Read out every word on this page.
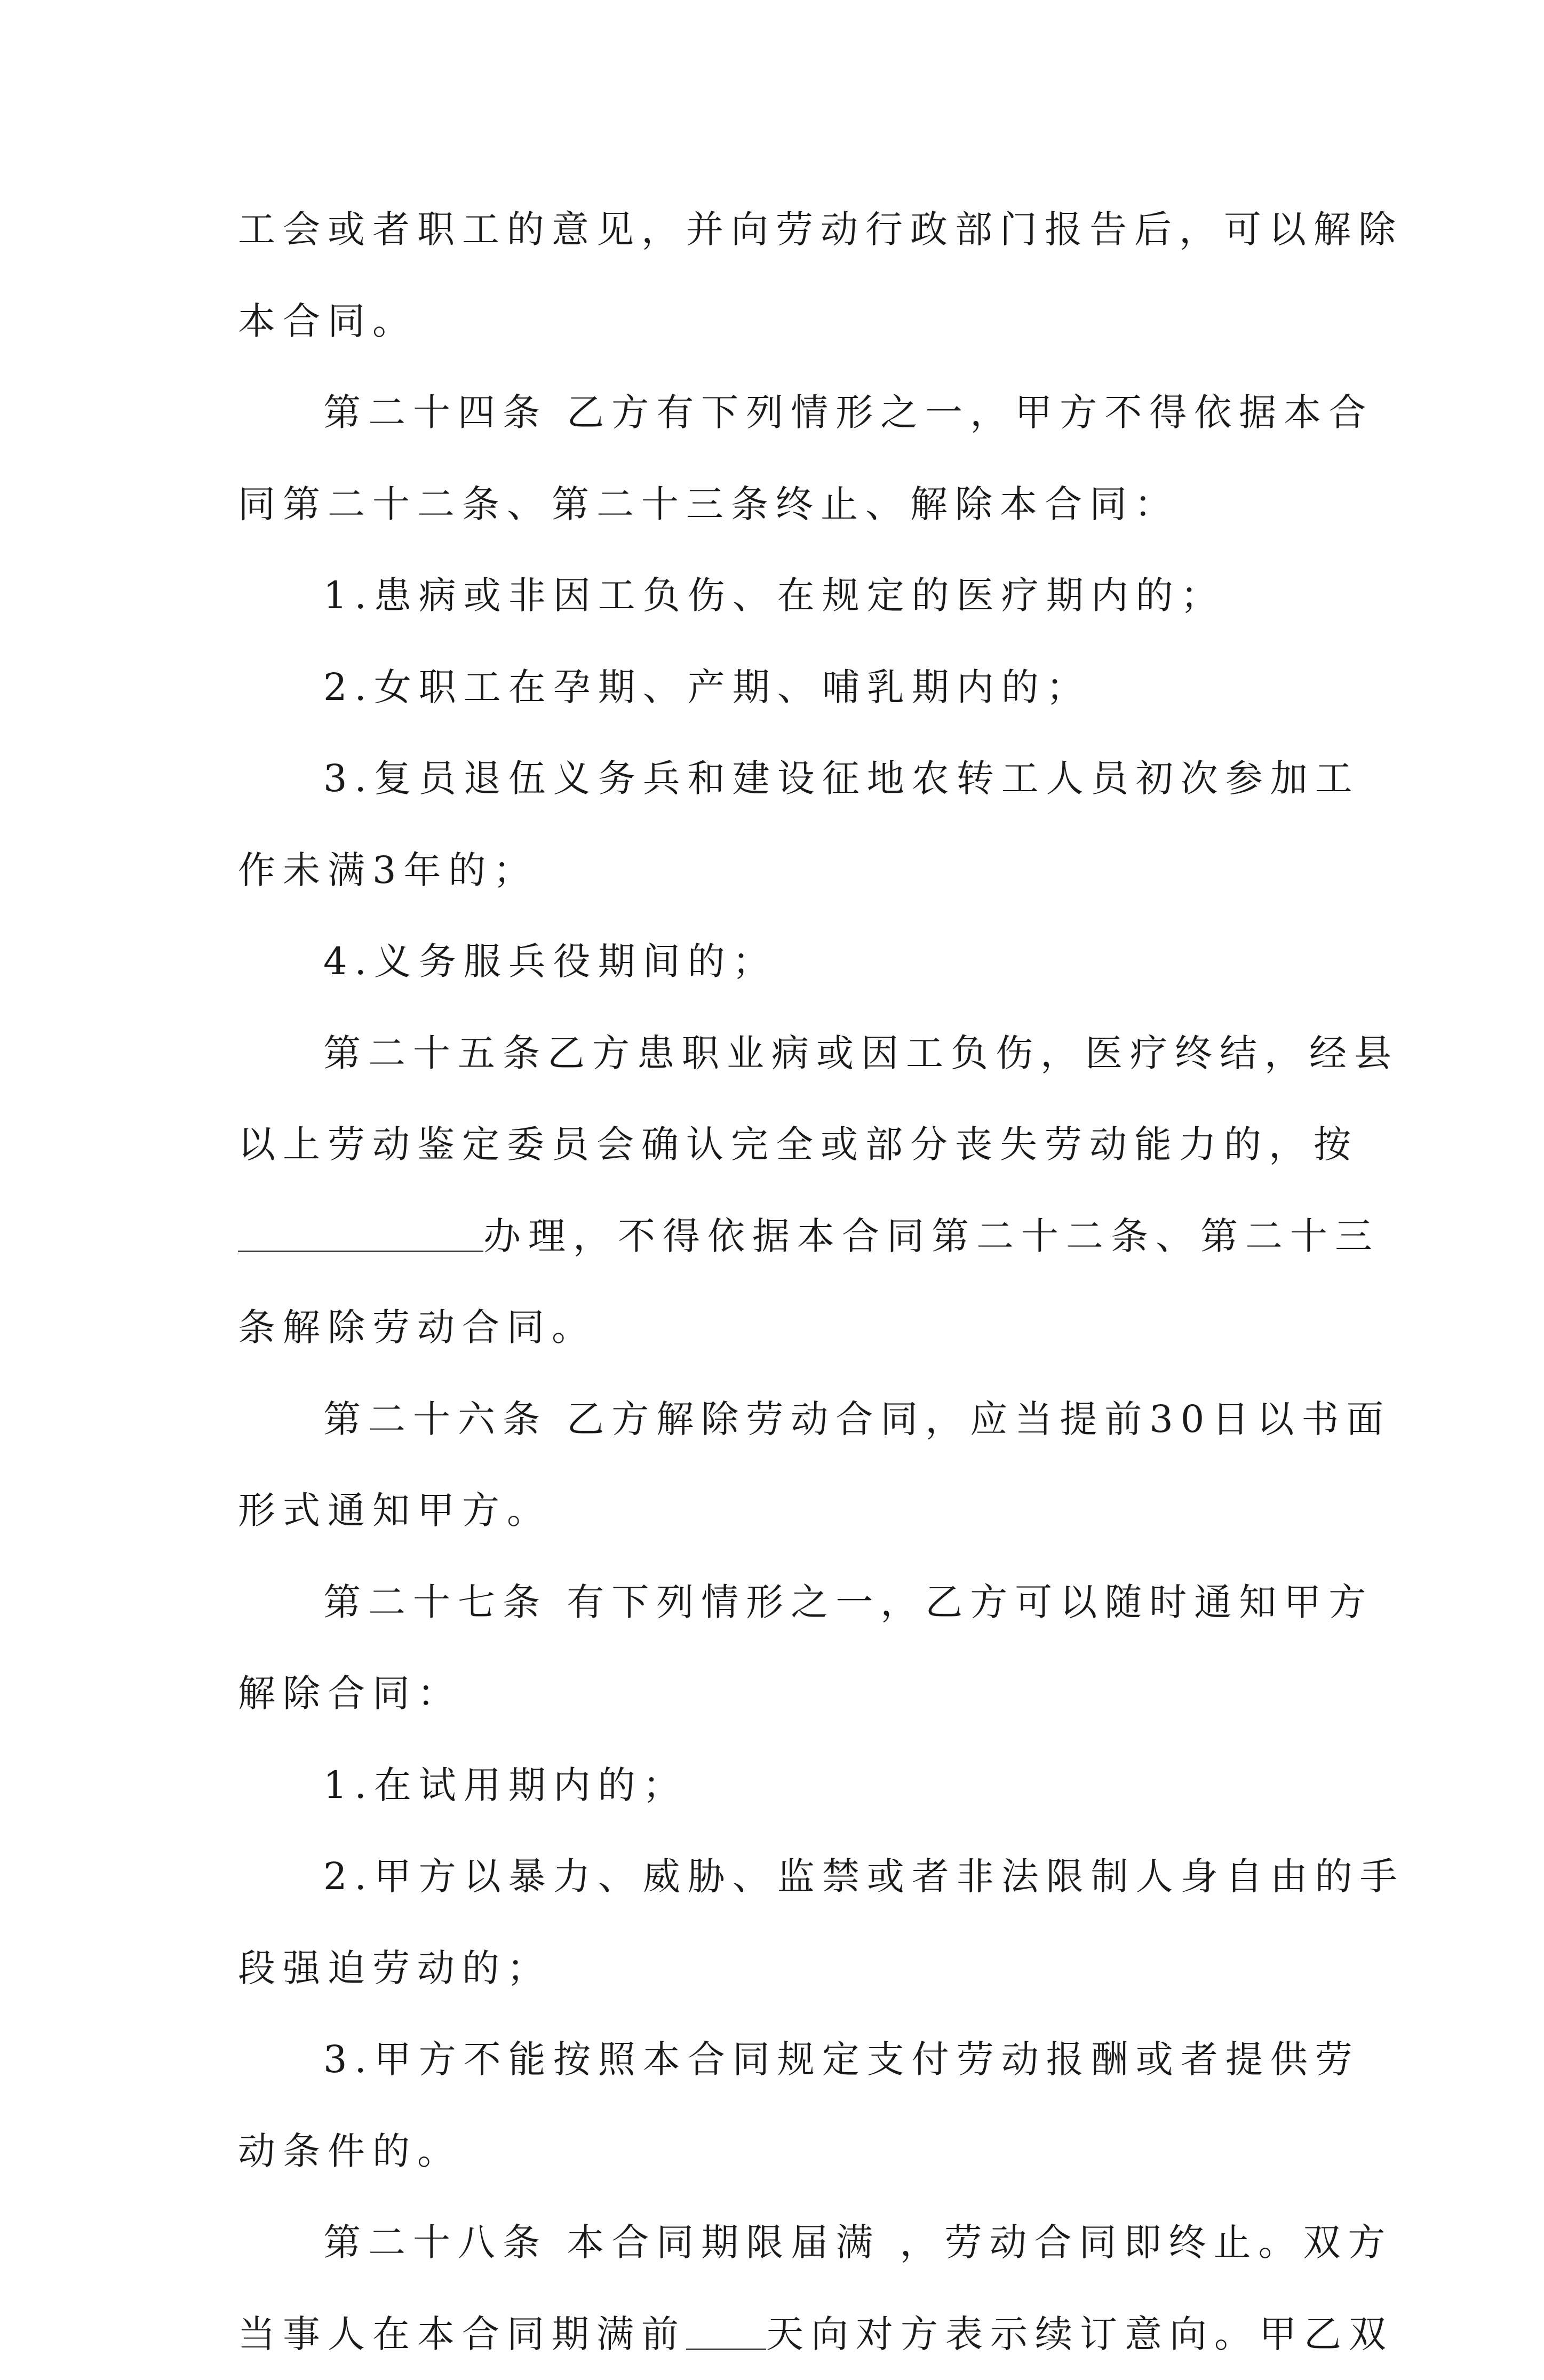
工会或者职工的意见，并向劳动行政部门报告后，可以解除
本合同。
第二十四条 乙方有下列情形之一，甲方不得依据本合
同第二十二条、第二十三条终止、解除本合同：
1.患病或非因工负伤、在规定的医疗期内的；
2.女职工在孕期、产期、哺乳期内的；
3.复员退伍义务兵和建设征地农转工人员初次参加工
作未满3年的；
4.义务服兵役期间的；
第二十五条乙方患职业病或因工负伤，医疗终结，经县
以上劳动鉴定委员会确认完全或部分丧失劳动能力的，按
办理，不得依据本合同第二十二条、第二十三
条解除劳动合同。
第二十六条 乙方解除劳动合同，应当提前30日以书面
形式通知甲方。
第二十七条 有下列情形之一，乙方可以随时通知甲方
解除合同：
1.在试用期内的；
2.甲方以暴力、威胁、监禁或者非法限制人身自由的手
段强迫劳动的；
3.甲方不能按照本合同规定支付劳动报酬或者提供劳
动条件的。
第二十八条 本合同期限届满 ，劳动合同即终止。双方
当事人在本合同期满前 天向对方表示续订意向。甲乙双
